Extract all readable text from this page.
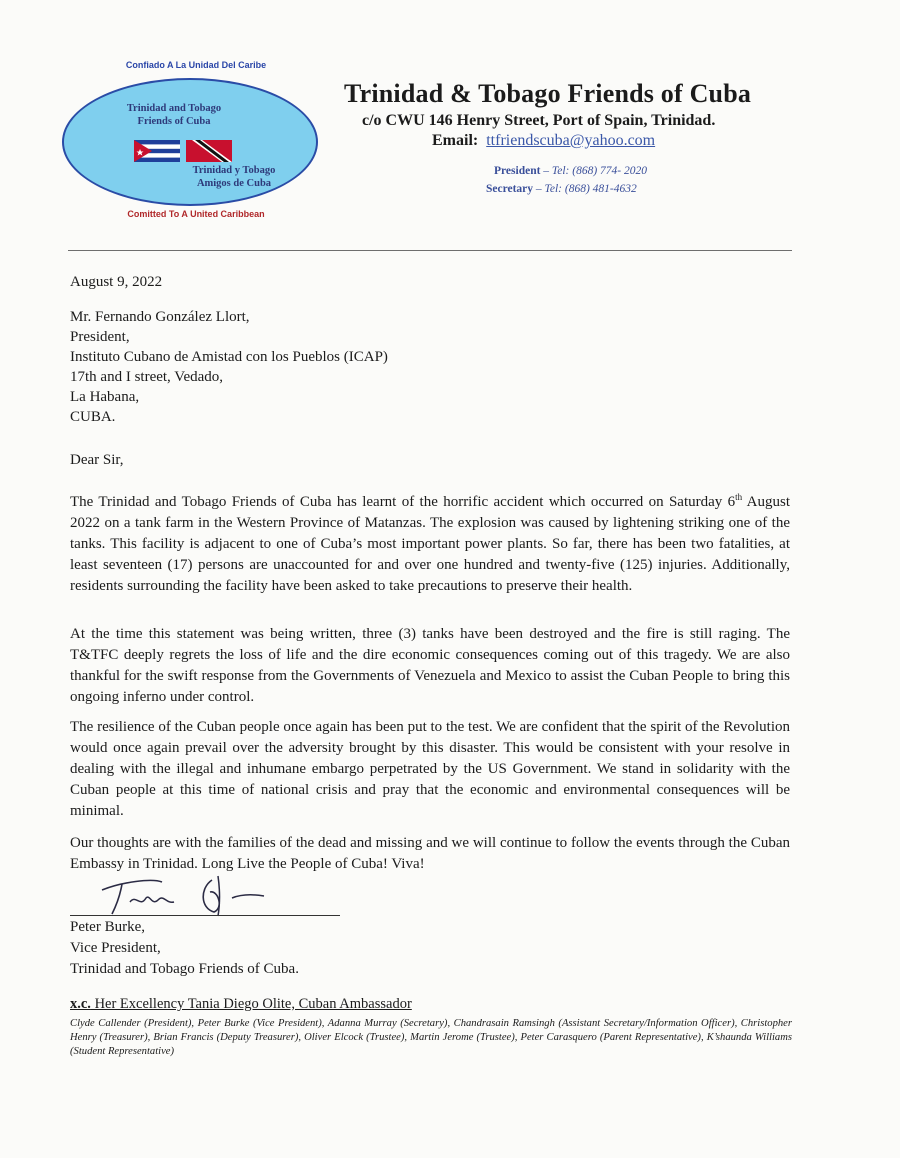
Confiado A La Unidad Del Caribe
Trinidad and Tobago
Friends of Cuba
Trinidad y Tobago
Amigos de Cuba
Comitted To A United Caribbean
Trinidad & Tobago Friends of Cuba
c/o CWU 146 Henry Street, Port of Spain, Trinidad.
Email: ttfriendscuba@yahoo.com
President – Tel: (868) 774- 2020
Secretary – Tel: (868) 481-4632
August 9, 2022
Mr. Fernando González Llort,
President,
Instituto Cubano de Amistad con los Pueblos (ICAP)
17th and I street, Vedado,
La Habana,
CUBA.
Dear Sir,
The Trinidad and Tobago Friends of Cuba has learnt of the horrific accident which occurred on Saturday 6th August 2022 on a tank farm in the Western Province of Matanzas. The explosion was caused by lightening striking one of the tanks. This facility is adjacent to one of Cuba’s most important power plants. So far, there has been two fatalities, at least seventeen (17) persons are unaccounted for and over one hundred and twenty-five (125) injuries. Additionally, residents surrounding the facility have been asked to take precautions to preserve their health.
At the time this statement was being written, three (3) tanks have been destroyed and the fire is still raging. The T&TFC deeply regrets the loss of life and the dire economic consequences coming out of this tragedy. We are also thankful for the swift response from the Governments of Venezuela and Mexico to assist the Cuban People to bring this ongoing inferno under control.
The resilience of the Cuban people once again has been put to the test. We are confident that the spirit of the Revolution would once again prevail over the adversity brought by this disaster. This would be consistent with your resolve in dealing with the illegal and inhumane embargo perpetrated by the US Government. We stand in solidarity with the Cuban people at this time of national crisis and pray that the economic and environmental consequences will be minimal.
Our thoughts are with the families of the dead and missing and we will continue to follow the events through the Cuban Embassy in Trinidad. Long Live the People of Cuba! Viva!
Peter Burke,
Vice President,
Trinidad and Tobago Friends of Cuba.
x.c. Her Excellency Tania Diego Olite, Cuban Ambassador
Clyde Callender (President), Peter Burke (Vice President), Adanna Murray (Secretary), Chandrasain Ramsingh (Assistant Secretary/Information Officer), Christopher Henry (Treasurer), Brian Francis (Deputy Treasurer), Oliver Elcock (Trustee), Martin Jerome (Trustee), Peter Carasquero (Parent Representative), K’shaunda Williams (Student Representative)
